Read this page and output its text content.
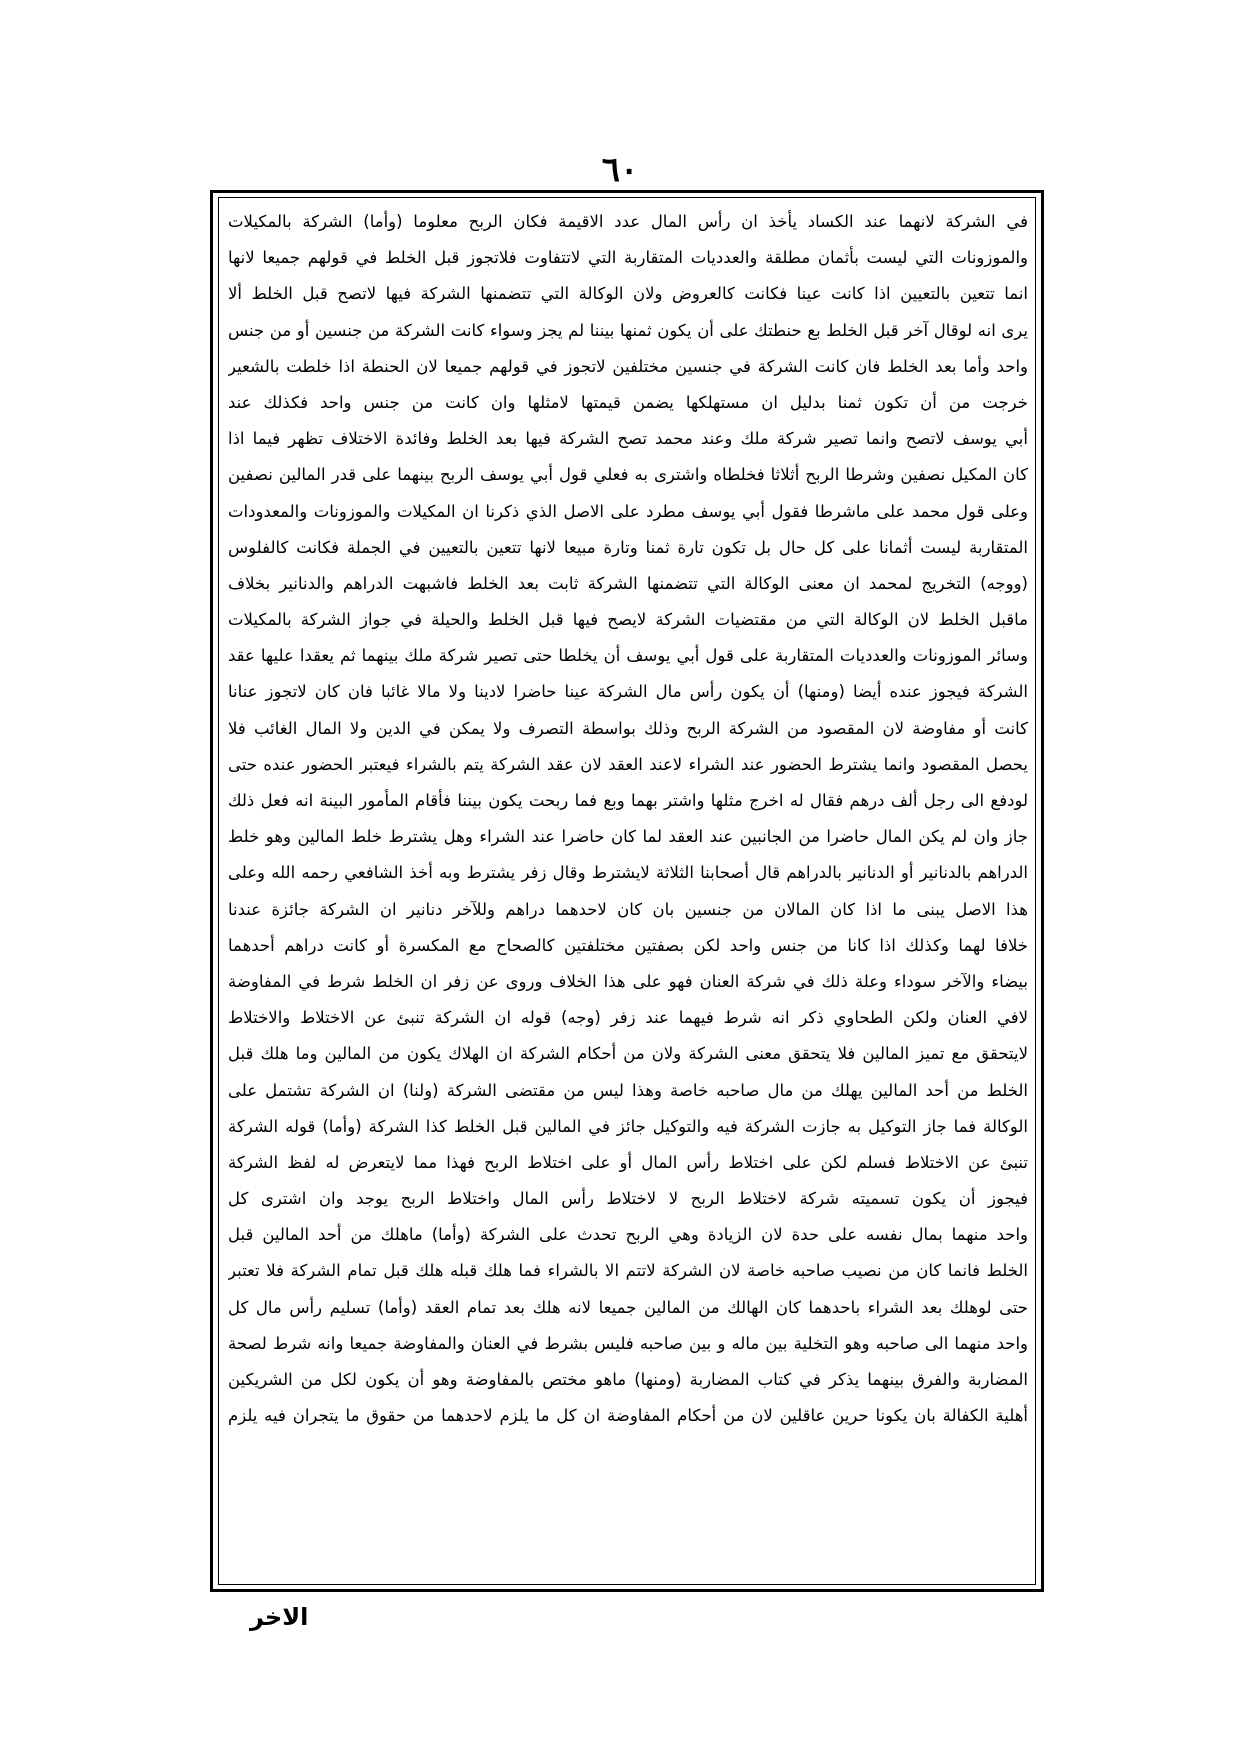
٦٠
في الشركة لانهما عند الكساد يأخذ ان رأس المال عدد الاقيمة فكان الربح معلوما (وأما) الشركة بالمكيلات
والموزونات التي ليست بأثمان مطلقة والعدديات المتقاربة التي لاتتفاوت فلاتجوز قبل الخلط في قولهم جميعا لانها
انما تتعين بالتعيين اذا كانت عينا فكانت كالعروض ولان الوكالة التي تتضمنها الشركة فيها لاتصح قبل الخلط ألا
يرى انه لوقال آخر قبل الخلط بع حنطتك على أن يكون ثمنها بيننا لم يجز وسواء كانت الشركة من جنسين أو من جنس
واحد وأما بعد الخلط فان كانت الشركة في جنسين مختلفين لاتجوز في قولهم جميعا لان الحنطة اذا خلطت بالشعير
خرجت من أن تكون ثمنا بدليل ان مستهلكها يضمن قيمتها لامثلها وان كانت من جنس واحد فكذلك عند
أبي يوسف لاتصح وانما تصير شركة ملك وعند محمد تصح الشركة فيها بعد الخلط وفائدة الاختلاف تظهر فيما اذا
كان المكيل نصفين وشرطا الربح أثلاثا فخلطاه واشترى به فعلي قول أبي يوسف الربح بينهما على قدر المالين نصفين
وعلى قول محمد على ماشرطا فقول أبي يوسف مطرد على الاصل الذي ذكرنا ان المكيلات والموزونات والمعدودات
المتقاربة ليست أثمانا على كل حال بل تكون تارة ثمنا وتارة مبيعا لانها تتعين بالتعيين في الجملة فكانت كالفلوس
(ووجه) التخريج لمحمد ان معنى الوكالة التي تتضمنها الشركة ثابت بعد الخلط فاشبهت الدراهم والدنانير بخلاف
ماقبل الخلط لان الوكالة التي من مقتضيات الشركة لايصح فيها قبل الخلط والحيلة في جواز الشركة بالمكيلات
وسائر الموزونات والعدديات المتقاربة على قول أبي يوسف أن يخلطا حتى تصير شركة ملك بينهما ثم يعقدا عليها عقد
الشركة فيجوز عنده أيضا (ومنها) أن يكون رأس مال الشركة عينا حاضرا لادينا ولا مالا غائبا فان كان لاتجوز عنانا
كانت أو مفاوضة لان المقصود من الشركة الربح وذلك بواسطة التصرف ولا يمكن في الدين ولا المال الغائب فلا
يحصل المقصود وانما يشترط الحضور عند الشراء لاعند العقد لان عقد الشركة يتم بالشراء فيعتبر الحضور عنده حتى
لودفع الى رجل ألف درهم فقال له اخرج مثلها واشتر بهما وبع فما ربحت يكون بيننا فأقام المأمور البينة انه فعل ذلك
جاز وان لم يكن المال حاضرا من الجانبين عند العقد لما كان حاضرا عند الشراء وهل يشترط خلط المالين وهو خلط
الدراهم بالدنانير أو الدنانير بالدراهم قال أصحابنا الثلاثة لايشترط وقال زفر يشترط وبه أخذ الشافعي رحمه الله وعلى
هذا الاصل يبنى ما اذا كان المالان من جنسين بان كان لاحدهما دراهم وللآخر دنانير ان الشركة جائزة عندنا
خلافا لهما وكذلك اذا كانا من جنس واحد لكن بصفتين مختلفتين كالصحاح مع المكسرة أو كانت دراهم أحدهما
بيضاء والآخر سوداء وعلة ذلك في شركة العنان فهو على هذا الخلاف وروى عن زفر ان الخلط شرط في المفاوضة
لافي العنان ولكن الطحاوي ذكر انه شرط فيهما عند زفر (وجه) قوله ان الشركة تنبئ عن الاختلاط والاختلاط
لايتحقق مع تميز المالين فلا يتحقق معنى الشركة ولان من أحكام الشركة ان الهلاك يكون من المالين وما هلك قبل
الخلط من أحد المالين يهلك من مال صاحبه خاصة وهذا ليس من مقتضى الشركة (ولنا) ان الشركة تشتمل على
الوكالة فما جاز التوكيل به جازت الشركة فيه والتوكيل جائز في المالين قبل الخلط كذا الشركة (وأما) قوله الشركة
تنبئ عن الاختلاط فسلم لكن على اختلاط رأس المال أو على اختلاط الربح فهذا مما لايتعرض له لفظ الشركة
فيجوز أن يكون تسميته شركة لاختلاط الربح لا لاختلاط رأس المال واختلاط الربح يوجد وان اشترى كل
واحد منهما بمال نفسه على حدة لان الزيادة وهي الربح تحدث على الشركة (وأما) ماهلك من أحد المالين قبل
الخلط فانما كان من نصيب صاحبه خاصة لان الشركة لاتتم الا بالشراء فما هلك قبله هلك قبل تمام الشركة فلا تعتبر
حتى لوهلك بعد الشراء باحدهما كان الهالك من المالين جميعا لانه هلك بعد تمام العقد (وأما) تسليم رأس مال كل
واحد منهما الى صاحبه وهو التخلية بين ماله و بين صاحبه فليس بشرط في العنان والمفاوضة جميعا وانه شرط لصحة
المضاربة والفرق بينهما يذكر في كتاب المضاربة (ومنها) ماهو مختص بالمفاوضة وهو أن يكون لكل من الشريكين
أهلية الكفالة بان يكونا حرين عاقلين لان من أحكام المفاوضة ان كل ما يلزم لاحدهما من حقوق ما يتجران فيه يلزم
الاخر
